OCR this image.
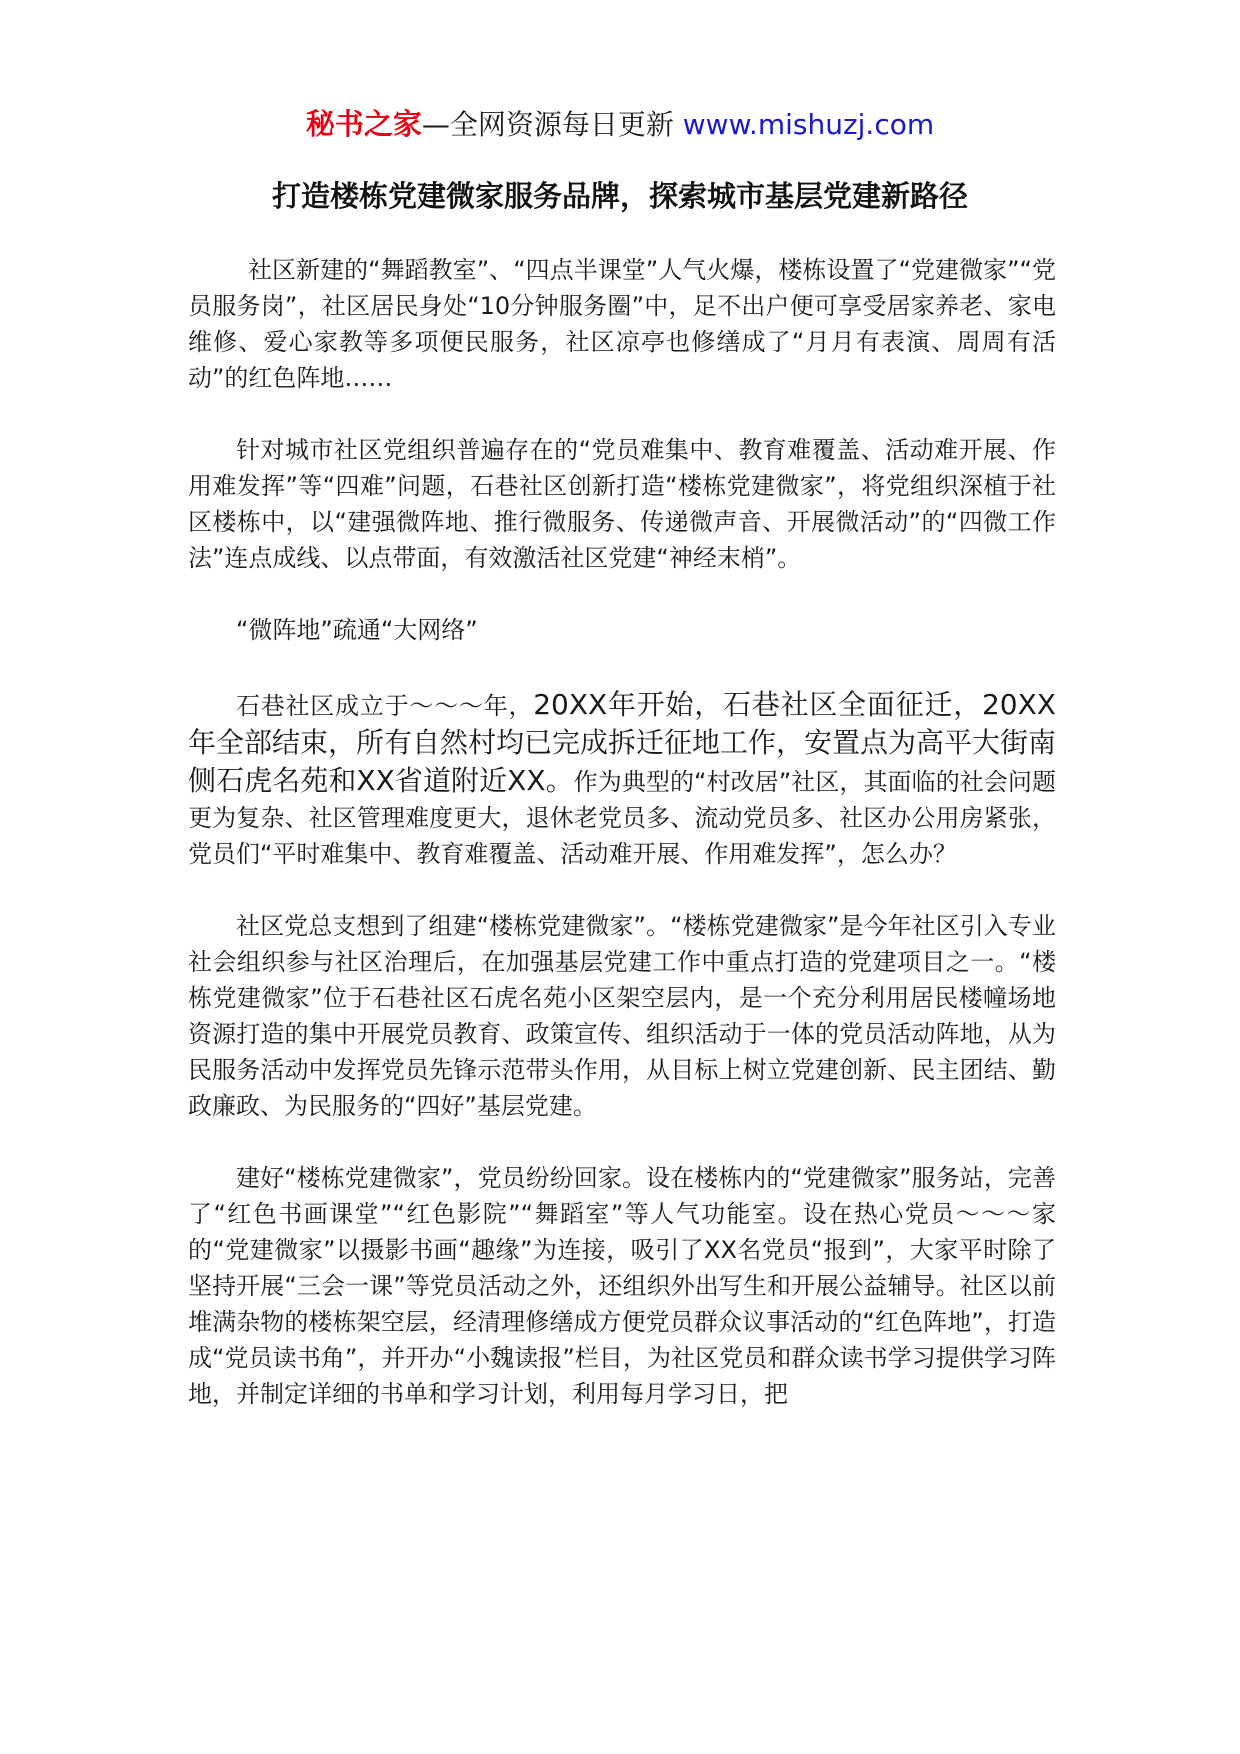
秘书之家—全网资源每日更新 www.mishuzj.com
打造楼栋党建微家服务品牌，探索城市基层党建新路径

社区新建的“舞蹈教室”、“四点半课堂”人气火爆，楼栋设置了“党建微家”“党员服务岗”，社区居民身处“10分钟服务圈”中，足不出户便可享受居家养老、家电维修、爱心家教等多项便民服务，社区凉亭也修缮成了“月月有表演、周周有活动”的红色阵地……

针对城市社区党组织普遍存在的“党员难集中、教育难覆盖、活动难开展、作用难发挥”等“四难”问题，石巷社区创新打造“楼栋党建微家”，将党组织深植于社区楼栋中，以“建强微阵地、推行微服务、传递微声音、开展微活动”的“四微工作法”连点成线、以点带面，有效激活社区党建“神经末梢”。

“微阵地”疏通“大网络”

石巷社区成立于～～～年，20XX年开始，石巷社区全面征迁，20XX年全部结束，所有自然村均已完成拆迁征地工作，安置点为高平大街南侧石虎名苑和XX省道附近XX。作为典型的“村改居”社区，其面临的社会问题更为复杂、社区管理难度更大，退休老党员多、流动党员多、社区办公用房紧张，党员们“平时难集中、教育难覆盖、活动难开展、作用难发挥”，怎么办？

社区党总支想到了组建“楼栋党建微家”。“楼栋党建微家”是今年社区引入专业社会组织参与社区治理后，在加强基层党建工作中重点打造的党建项目之一。“楼栋党建微家”位于石巷社区石虎名苑小区架空层内，是一个充分利用居民楼幢场地资源打造的集中开展党员教育、政策宣传、组织活动于一体的党员活动阵地，从为民服务活动中发挥党员先锋示范带头作用，从目标上树立党建创新、民主团结、勤政廉政、为民服务的“四好”基层党建。

建好“楼栋党建微家”，党员纷纷回家。设在楼栋内的“党建微家”服务站，完善了“红色书画课堂”“红色影院”“舞蹈室”等人气功能室。设在热心党员～～～家的“党建微家”以摄影书画“趣缘”为连接，吸引了XX名党员“报到”，大家平时除了坚持开展“三会一课”等党员活动之外，还组织外出写生和开展公益辅导。社区以前堆满杂物的楼栋架空层，经清理修缮成方便党员群众议事活动的“红色阵地”，打造成“党员读书角”，并开办“小魏读报”栏目，为社区党员和群众读书学习提供学习阵地，并制定详细的书单和学习计划，利用每月学习日，把
